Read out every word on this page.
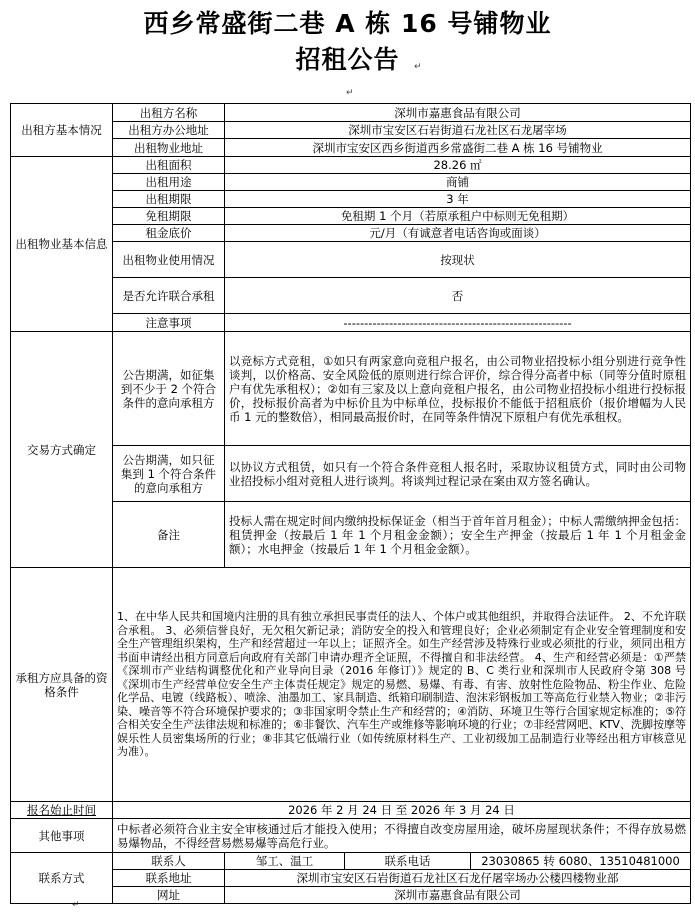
西乡常盛街二巷 A 栋 16 号铺物业
招租公告	↵
↵
↵
出租方基本情况	出租方名称	深圳市嘉惠食品有限公司		
	出租方办公地址	深圳市宝安区石岩街道石龙社区石龙屠宰场		
	出租物业地址	深圳市宝安区西乡街道西乡常盛街二巷 A 栋 16 号铺物业		
出租物业基本信息	出租面积	28.26 ㎡		
	出租用途	商铺		
	出租期限	3 年		
	免租期限	免租期 1 个月（若原承租户中标则无免租期）		
	租金底价	元/月（有诚意者电话咨询或面谈）		
	出租物业使用情况	按现状		
	是否允许联合承租	否		
	注意事项	-------------------------------------------------------		
交易方式确定	公告期满，如征集到不少于 2 个符合条件的意向承租方	以竞标方式竞租，①如只有两家意向竞租户报名，由公司物业招投标小组分别进行竞争性谈判，以价格高、安全风险低的原则进行综合评价，综合得分高者中标（同等分值时原租户有优先承租权）；②如有三家及以上意向竞租户报名，由公司物业招投标小组进行投标报价，投标报价高者为中标价且为中标单位，投标报价不能低于招租底价（报价增幅为人民币 1 元的整数倍），相同最高报价时，在同等条件情况下原租户有优先承租权。		
	公告期满，如只征集到 1 个符合条件的意向承租方	以协议方式租赁，如只有一个符合条件竞租人报名时，采取协议租赁方式，同时由公司物业招投标小组对竞租人进行谈判。将谈判过程记录在案由双方签名确认。		
	备注	投标人需在规定时间内缴纳投标保证金（相当于首年首月租金）；中标人需缴纳押金包括：租赁押金（按最后 1 年 1 个月租金金额）；安全生产押金（按最后 1 年 1 个月租金金额）；水电押金（按最后 1 年 1 个月租金金额）。		
承租方应具备的资格条件	1、在中华人民共和国境内注册的具有独立承担民事责任的法人、个体户或其他组织，并取得合法证件。 2、不允许联合承租。 3、必须信誉良好，无欠租欠新记录；消防安全的投入和管理良好；企业必须制定有企业安全管理制度和安全生产管理组织架构，生产和经营超过一年以上；证照齐全。如生产经营涉及特殊行业或必须批的行业，须同出租方书面申请经出租方同意后向政府有关部门申请办理齐全证照，不得擅自和非法经营。 4、生产和经营必须是：①严禁《深圳市产业结构调整优化和产业导向目录（2016 年修订）》规定的 B、C 类行业和深圳市人民政府令第 308 号《深圳市生产经营单位安全生产主体责任规定》规定的易燃、易爆、有毒、有害、放射性危险物品、粉尘作业、危险化学品、电镀（线路板）、喷涂、油墨加工、家具制造、纸箱印刷制造、泡沫彩钢板加工等高危行业禁入物业；②非污染、噪音等不符合环境保护要求的；③非国家明令禁止生产和经营的；④消防、环境卫生等行合国家规定标准的；⑤符合相关安全生产法律法规和标准的；⑥非餐饮、汽车生产或维修等影响环境的行业；⑦非经营网吧、KTV、洗脚按摩等娱乐性人员密集场所的行业；⑧非其它低端行业（如传统原材料生产、工业初级加工品制造行业等经出租方审核意见为准）。			
报名始止时间	2026 年 2 月 24 日 至 2026 年 3 月 24 日			
其他事项	中标者必须符合业主安全审核通过后才能投入使用；不得擅自改变房屋用途，破坏房屋现状条件；不得存放易燃易爆物品，不得经营易燃易爆等高危行业。			
联系方式	联系人	邹工、温工	联系电话	23030865 转 6080、13510481000
	联系地址	深圳市宝安区石岩街道石龙社区石龙仔屠宰场办公楼四楼物业部		
	网址	深圳市嘉惠食品有限公司		
